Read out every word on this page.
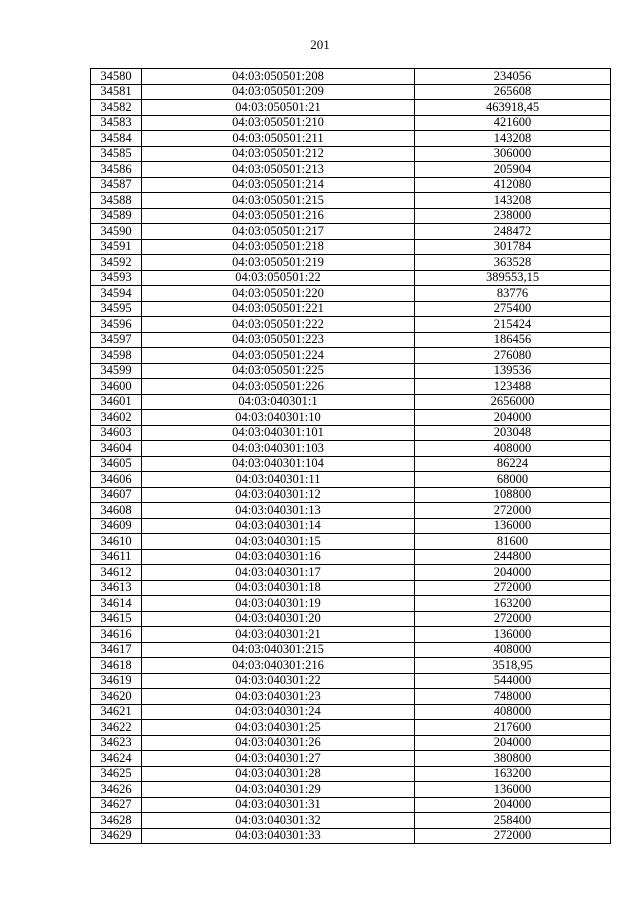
201
34580	04:03:050501:208	234056
34581	04:03:050501:209	265608
34582	04:03:050501:21	463918,45
34583	04:03:050501:210	421600
34584	04:03:050501:211	143208
34585	04:03:050501:212	306000
34586	04:03:050501:213	205904
34587	04:03:050501:214	412080
34588	04:03:050501:215	143208
34589	04:03:050501:216	238000
34590	04:03:050501:217	248472
34591	04:03:050501:218	301784
34592	04:03:050501:219	363528
34593	04:03:050501:22	389553,15
34594	04:03:050501:220	83776
34595	04:03:050501:221	275400
34596	04:03:050501:222	215424
34597	04:03:050501:223	186456
34598	04:03:050501:224	276080
34599	04:03:050501:225	139536
34600	04:03:050501:226	123488
34601	04:03:040301:1	2656000
34602	04:03:040301:10	204000
34603	04:03:040301:101	203048
34604	04:03:040301:103	408000
34605	04:03:040301:104	86224
34606	04:03:040301:11	68000
34607	04:03:040301:12	108800
34608	04:03:040301:13	272000
34609	04:03:040301:14	136000
34610	04:03:040301:15	81600
34611	04:03:040301:16	244800
34612	04:03:040301:17	204000
34613	04:03:040301:18	272000
34614	04:03:040301:19	163200
34615	04:03:040301:20	272000
34616	04:03:040301:21	136000
34617	04:03:040301:215	408000
34618	04:03:040301:216	3518,95
34619	04:03:040301:22	544000
34620	04:03:040301:23	748000
34621	04:03:040301:24	408000
34622	04:03:040301:25	217600
34623	04:03:040301:26	204000
34624	04:03:040301:27	380800
34625	04:03:040301:28	163200
34626	04:03:040301:29	136000
34627	04:03:040301:31	204000
34628	04:03:040301:32	258400
34629	04:03:040301:33	272000
